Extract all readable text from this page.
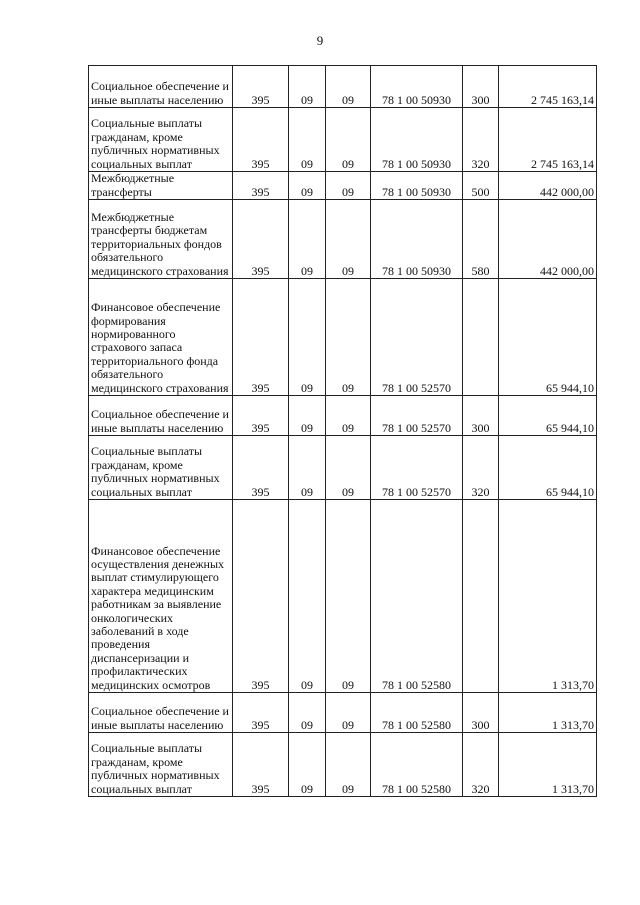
9
Социальное обеспечение и иные выплаты населению	395	09	09	78 1 00 50930	300	2 745 163,14
Социальные выплаты гражданам, кроме публичных нормативных социальных выплат	395	09	09	78 1 00 50930	320	2 745 163,14
Межбюджетные трансферты	395	09	09	78 1 00 50930	500	442 000,00
Межбюджетные трансферты бюджетам территориальных фондов обязательного медицинского страхования	395	09	09	78 1 00 50930	580	442 000,00
Финансовое обеспечение формирования нормированного страхового запаса территориального фонда обязательного медицинского страхования	395	09	09	78 1 00 52570		65 944,10
Социальное обеспечение и иные выплаты населению	395	09	09	78 1 00 52570	300	65 944,10
Социальные выплаты гражданам, кроме публичных нормативных социальных выплат	395	09	09	78 1 00 52570	320	65 944,10
Финансовое обеспечение осуществления денежных выплат стимулирующего характера медицинским работникам за выявление онкологических заболеваний в ходе проведения диспансеризации и профилактических медицинских осмотров	395	09	09	78 1 00 52580		1 313,70
Социальное обеспечение и иные выплаты населению	395	09	09	78 1 00 52580	300	1 313,70
Социальные выплаты гражданам, кроме публичных нормативных социальных выплат	395	09	09	78 1 00 52580	320	1 313,70
